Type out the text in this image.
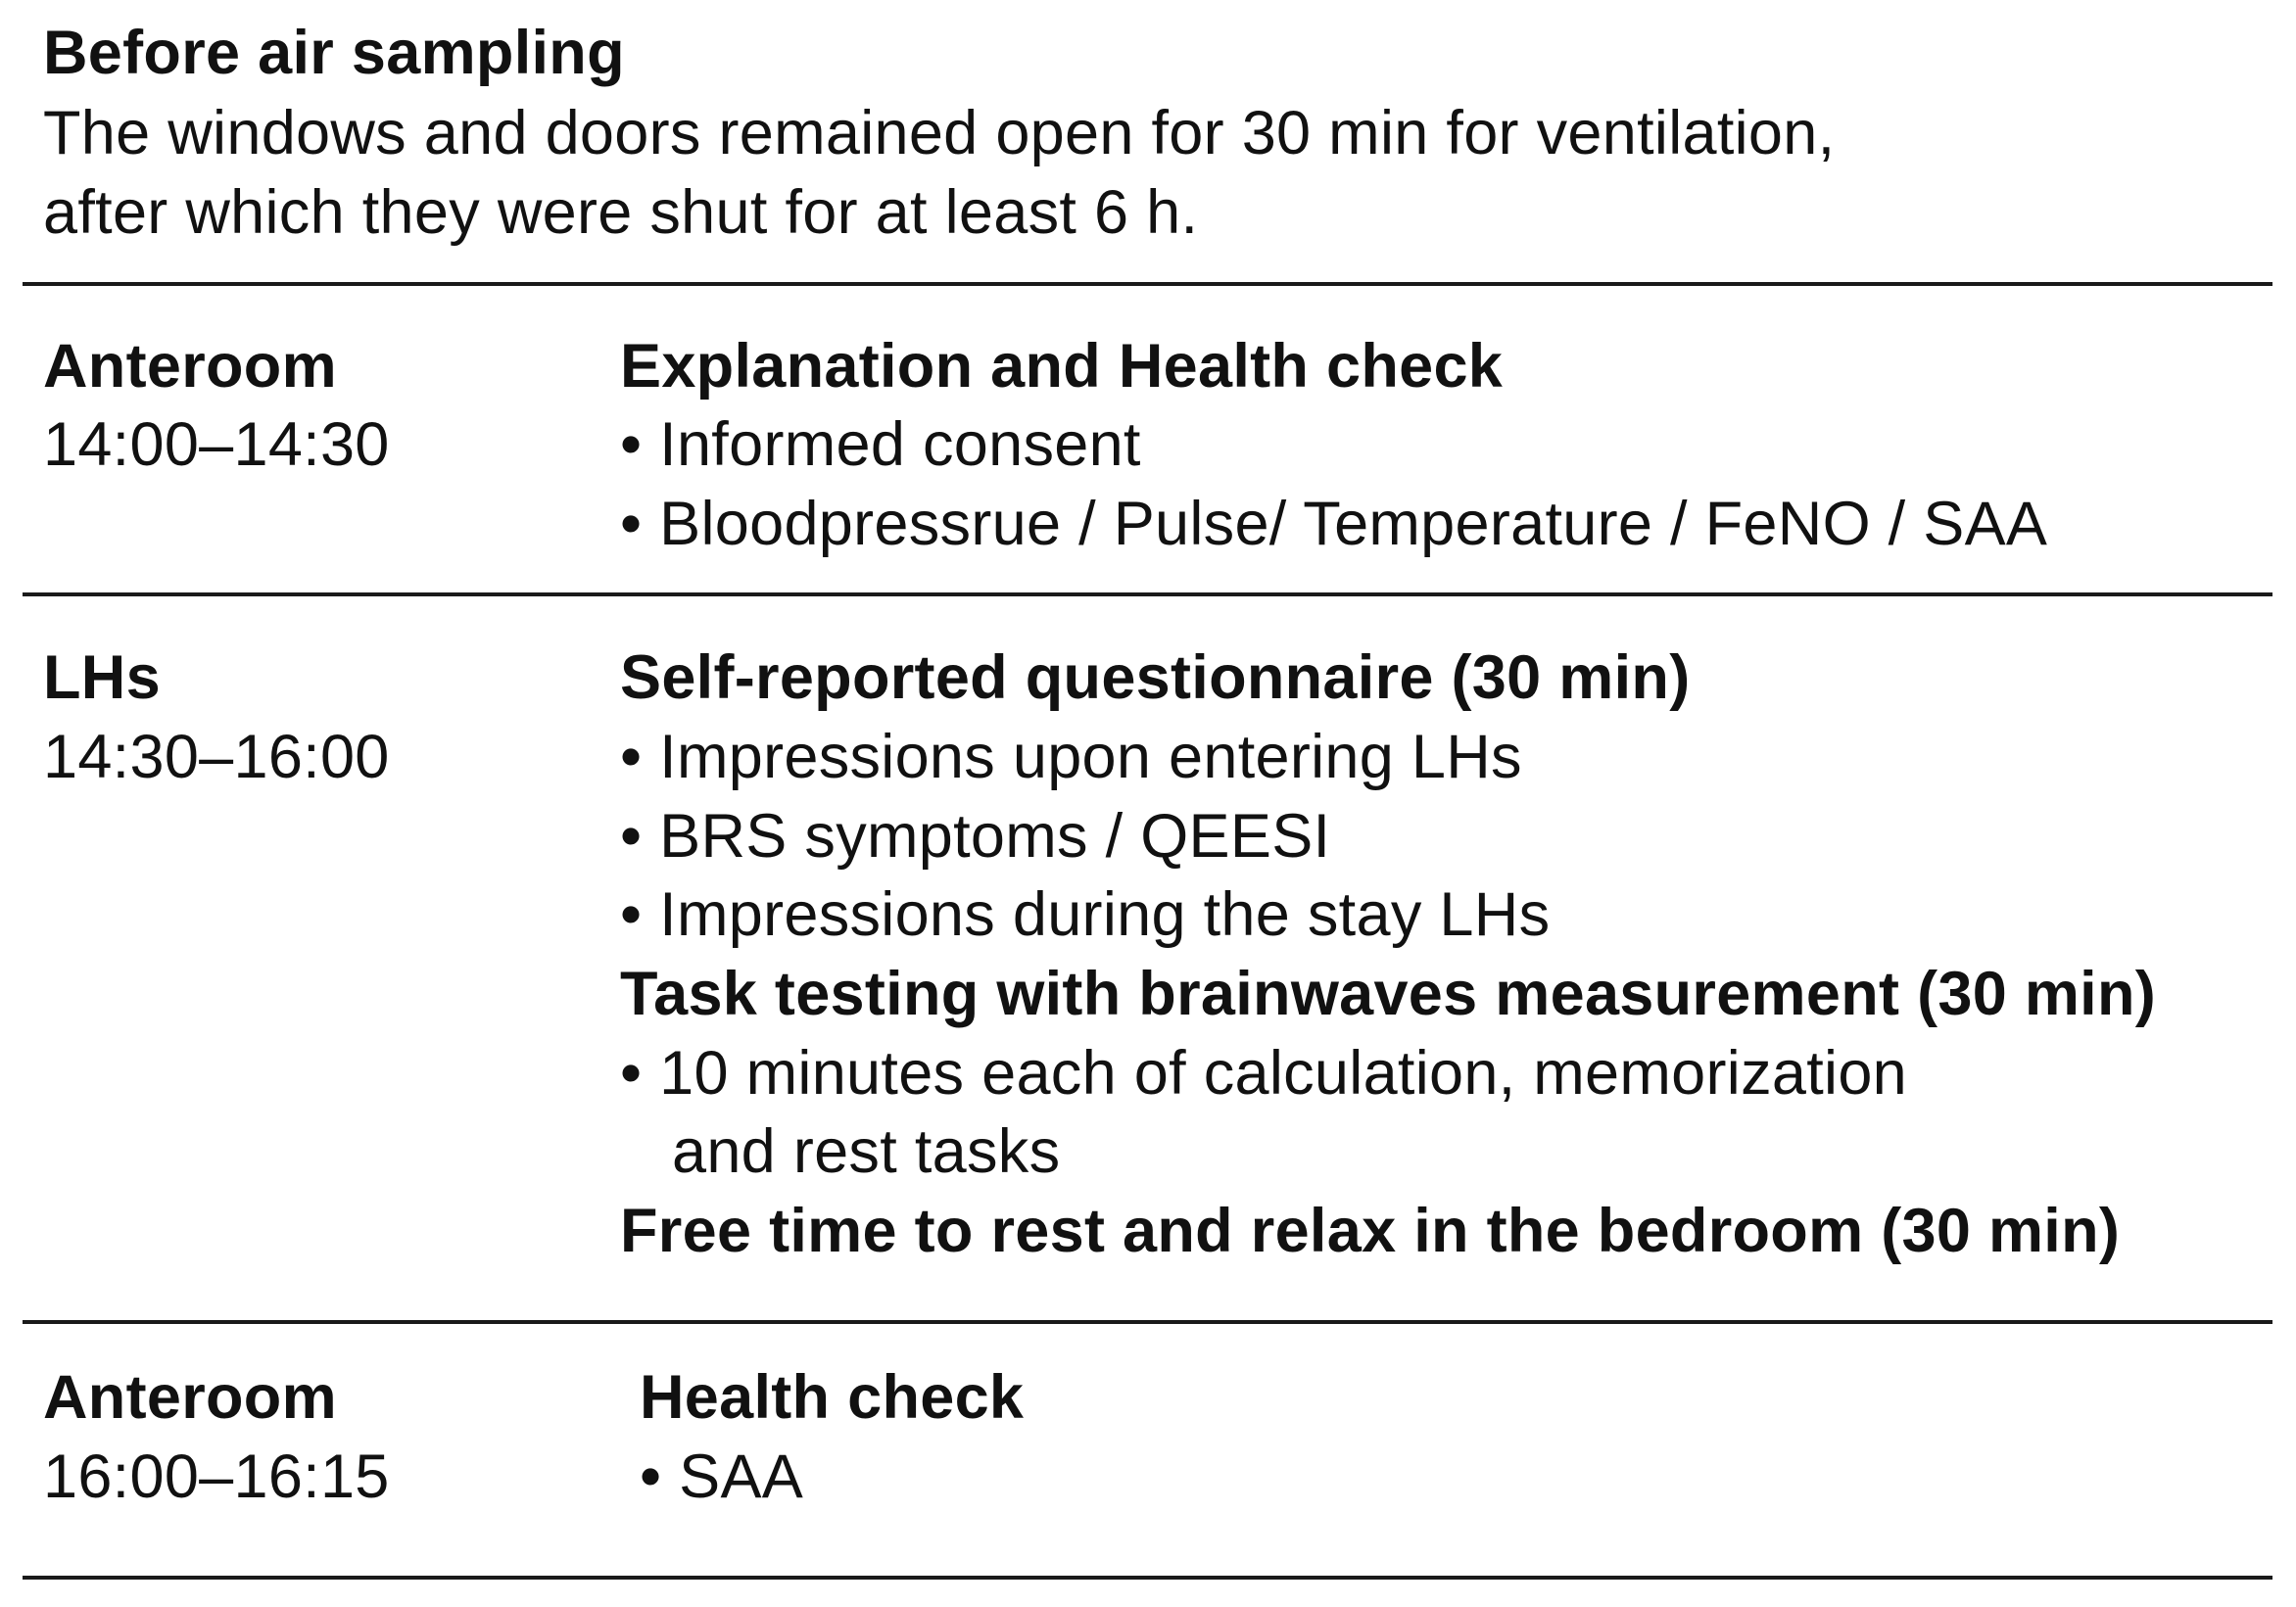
Before air sampling
The windows and doors remained open for 30 min for ventilation,
after which they were shut for at least 6 h.
Anteroom
14:00–14:30
Explanation and Health check
• Informed consent
• Bloodpressrue / Pulse/ Temperature / FeNO / SAA
LHs
14:30–16:00
Self-reported questionnaire (30 min)
• Impressions upon entering LHs
• BRS symptoms / QEESI
• Impressions during the stay LHs
Task testing with brainwaves measurement (30 min)
• 10 minutes each of calculation, memorization
and rest tasks
Free time to rest and relax in the bedroom (30 min)
Anteroom
16:00–16:15
Health check
• SAA
